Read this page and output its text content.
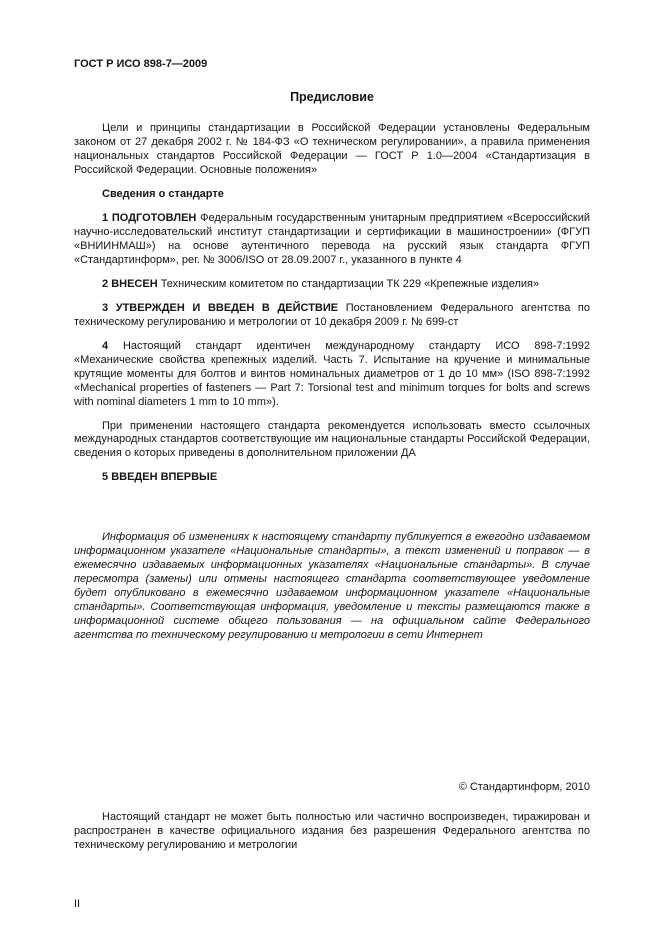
ГОСТ Р ИСО 898-7—2009
Предисловие

Цели и принципы стандартизации в Российской Федерации установлены Федеральным законом от 27 декабря 2002 г. № 184-ФЗ «О техническом регулировании», а правила применения национальных стандартов Российской Федерации — ГОСТ Р 1.0—2004 «Стандартизация в Российской Федерации. Основные положения»

Сведения о стандарте

1 ПОДГОТОВЛЕН Федеральным государственным унитарным предприятием «Всероссийский научно-исследовательский институт стандартизации и сертификации в машиностроении» (ФГУП «ВНИИНМАШ») на основе аутентичного перевода на русский язык стандарта ФГУП «Стандартинформ», рег. № 3006/ISO от 28.09.2007 г., указанного в пункте 4

2 ВНЕСЕН Техническим комитетом по стандартизации ТК 229 «Крепежные изделия»

3 УТВЕРЖДЕН И ВВЕДЕН В ДЕЙСТВИЕ Постановлением Федерального агентства по техническому регулированию и метрологии от 10 декабря 2009 г. № 699-ст

4 Настоящий стандарт идентичен международному стандарту ИСО 898-7:1992 «Механические свойства крепежных изделий. Часть 7. Испытание на кручение и минимальные крутящие моменты для болтов и винтов номинальных диаметров от 1 до 10 мм» (ISO 898-7:1992 «Mechanical properties of fasteners — Part 7: Torsional test and minimum torques for bolts and screws with nominal diameters 1 mm to 10 mm»).

При применении настоящего стандарта рекомендуется использовать вместо ссылочных международных стандартов соответствующие им национальные стандарты Российской Федерации, сведения о которых приведены в дополнительном приложении ДА

5 ВВЕДЕН ВПЕРВЫЕ

Информация об изменениях к настоящему стандарту публикуется в ежегодно издаваемом информационном указателе «Национальные стандарты», а текст изменений и поправок — в ежемесячно издаваемых информационных указателях «Национальные стандарты». В случае пересмотра (замены) или отмены настоящего стандарта соответствующее уведомление будет опубликовано в ежемесячно издаваемом информационном указателе «Национальные стандарты». Соответствующая информация, уведомление и тексты размещаются также в информационной системе общего пользования — на официальном сайте Федерального агентства по техническому регулированию и метрологии в сети Интернет

© Стандартинформ, 2010

Настоящий стандарт не может быть полностью или частично воспроизведен, тиражирован и распространен в качестве официального издания без разрешения Федерального агентства по техническому регулированию и метрологии

II
